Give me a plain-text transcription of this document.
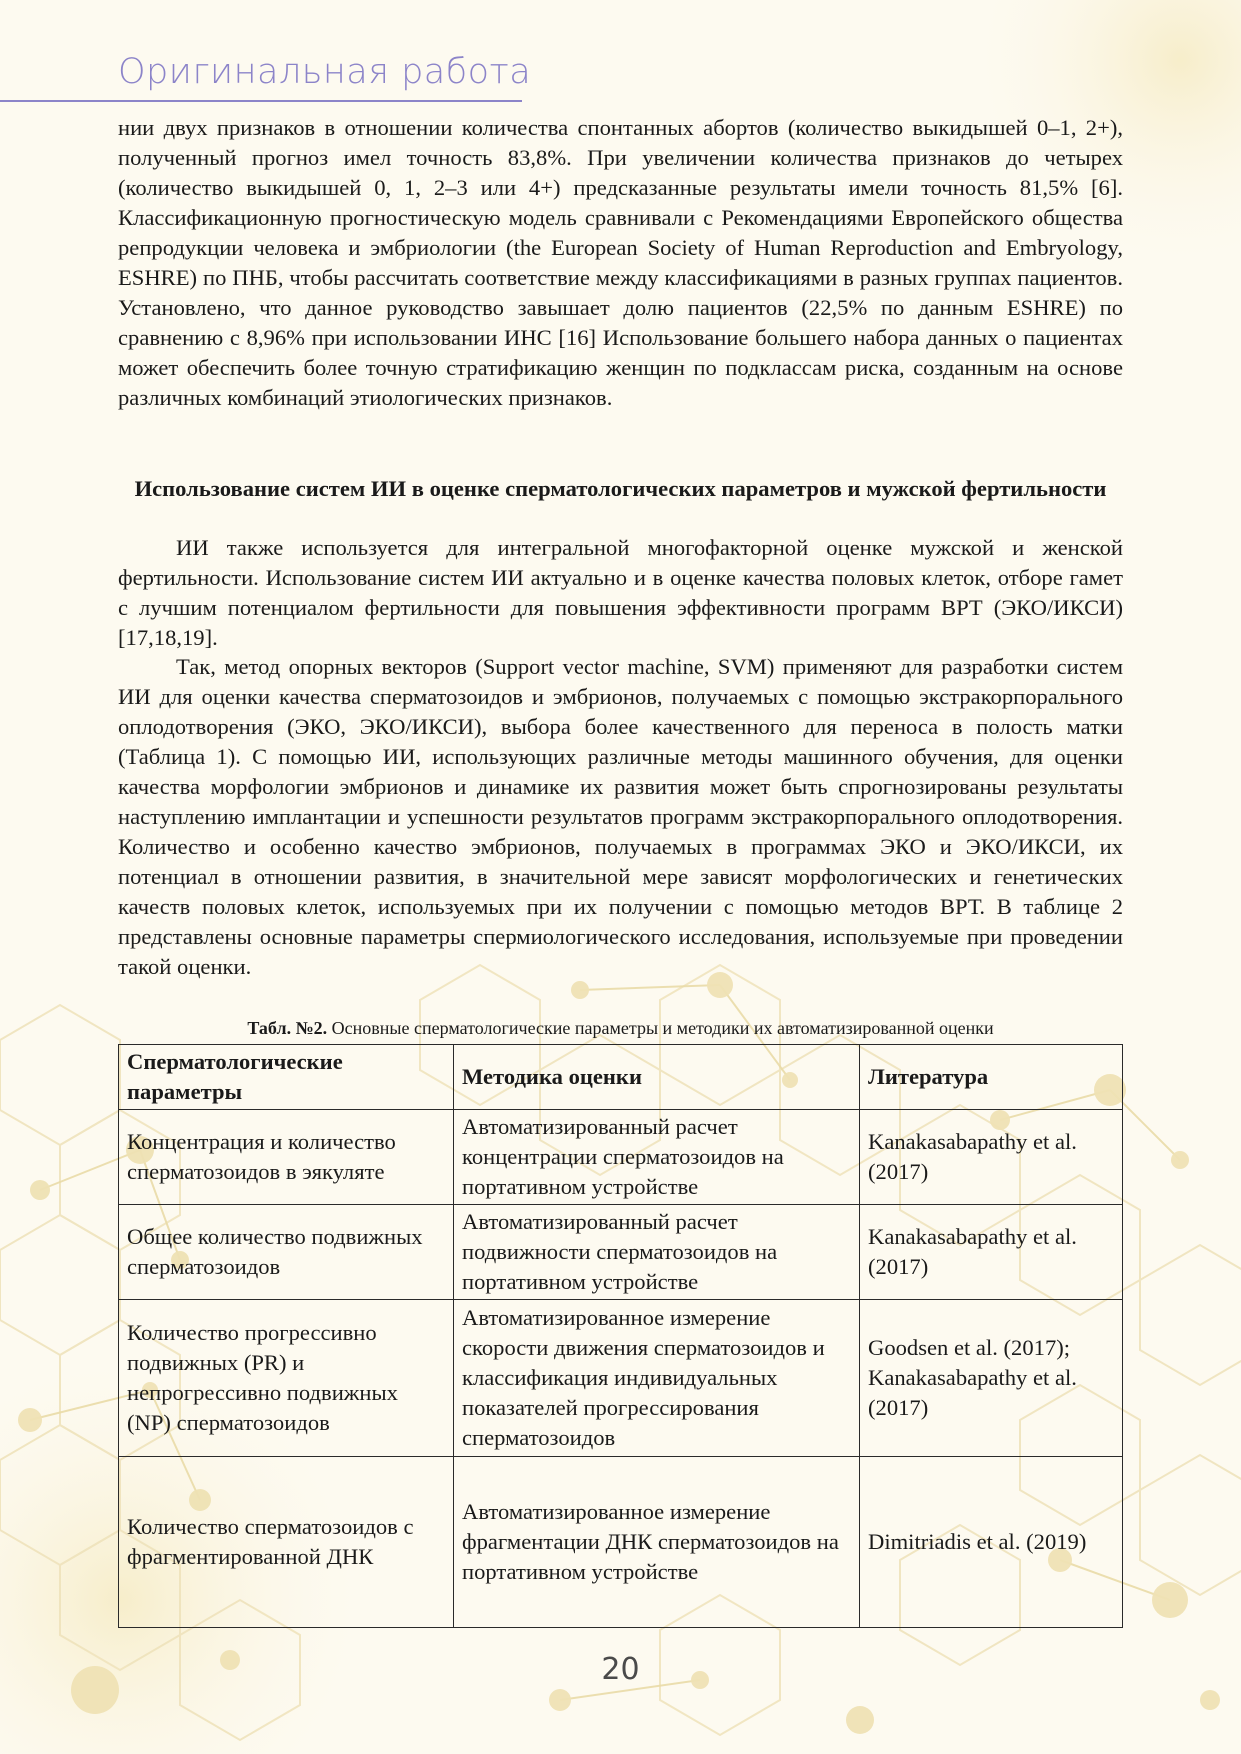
Оригинальная работа

нии двух признаков в отношении количества спонтанных абортов (количество выкидышей 0–1, 2+), полученный прогноз имел точность 83,8%. При увеличении количества признаков до четырех (количество выкидышей 0, 1, 2–3 или 4+) предсказанные результаты имели точность 81,5% [6]. Классификационную прогностическую модель сравнивали с Рекомендациями Европейского общества репродукции человека и эмбриологии (the European Society of Human Reproduction and Embryology, ESHRE) по ПНБ, чтобы рассчитать соответствие между классификациями в разных группах пациентов. Установлено, что данное руководство завышает долю пациентов (22,5% по данным ESHRE) по сравнению с 8,96% при использовании ИНС [16] Использование большего набора данных о пациентах может обеспечить более точную стратификацию женщин по подклассам риска, созданным на основе различных комбинаций этиологических признаков.

Использование систем ИИ в оценке сперматологических параметров и мужской фертильности

ИИ также используется для интегральной многофакторной оценке мужской и женской фертильности. Использование систем ИИ актуально и в оценке качества половых клеток, отборе гамет с лучшим потенциалом фертильности для повышения эффективности программ ВРТ (ЭКО/ИКСИ) [17,18,19].

Так, метод опорных векторов (Support vector machine, SVM) применяют для разработки систем ИИ для оценки качества сперматозоидов и эмбрионов, получаемых с помощью экстракорпорального оплодотворения (ЭКО, ЭКО/ИКСИ), выбора более качественного для переноса в полость матки (Таблица 1). С помощью ИИ, использующих различные методы машинного обучения, для оценки качества морфологии эмбрионов и динамике их развития может быть спрогнозированы результаты наступлению имплантации и успешности результатов программ экстракорпорального оплодотворения. Количество и особенно качество эмбрионов, получаемых в программах ЭКО и ЭКО/ИКСИ, их потенциал в отношении развития, в значительной мере зависят морфологических и генетических качеств половых клеток, используемых при их получении с помощью методов ВРТ. В таблице 2 представлены основные параметры спермиологического исследования, используемые при проведении такой оценки.

Табл. №2. Основные сперматологические параметры и методики их автоматизированной оценки

Сперматологические параметры	Методика оценки	Литература
Концентрация и количество сперматозоидов в эякуляте	Автоматизированный расчет концентрации сперматозоидов на портативном устройстве	Kanakasabapathy et al. (2017)
Общее количество подвижных сперматозоидов	Автоматизированный расчет подвижности сперматозоидов на портативном устройстве	Kanakasabapathy et al. (2017)
Количество прогрессивно подвижных (PR) и непрогрессивно подвижных (NP) сперматозоидов	Автоматизированное измерение скорости движения сперматозоидов и классификация индивидуальных показателей прогрессирования сперматозоидов	Goodsen et al. (2017); Kanakasabapathy et al. (2017)
Количество сперматозоидов с фрагментированной ДНК	Автоматизированное измерение фрагментации ДНК сперматозоидов на портативном устройстве	Dimitriadis et al. (2019)

20
